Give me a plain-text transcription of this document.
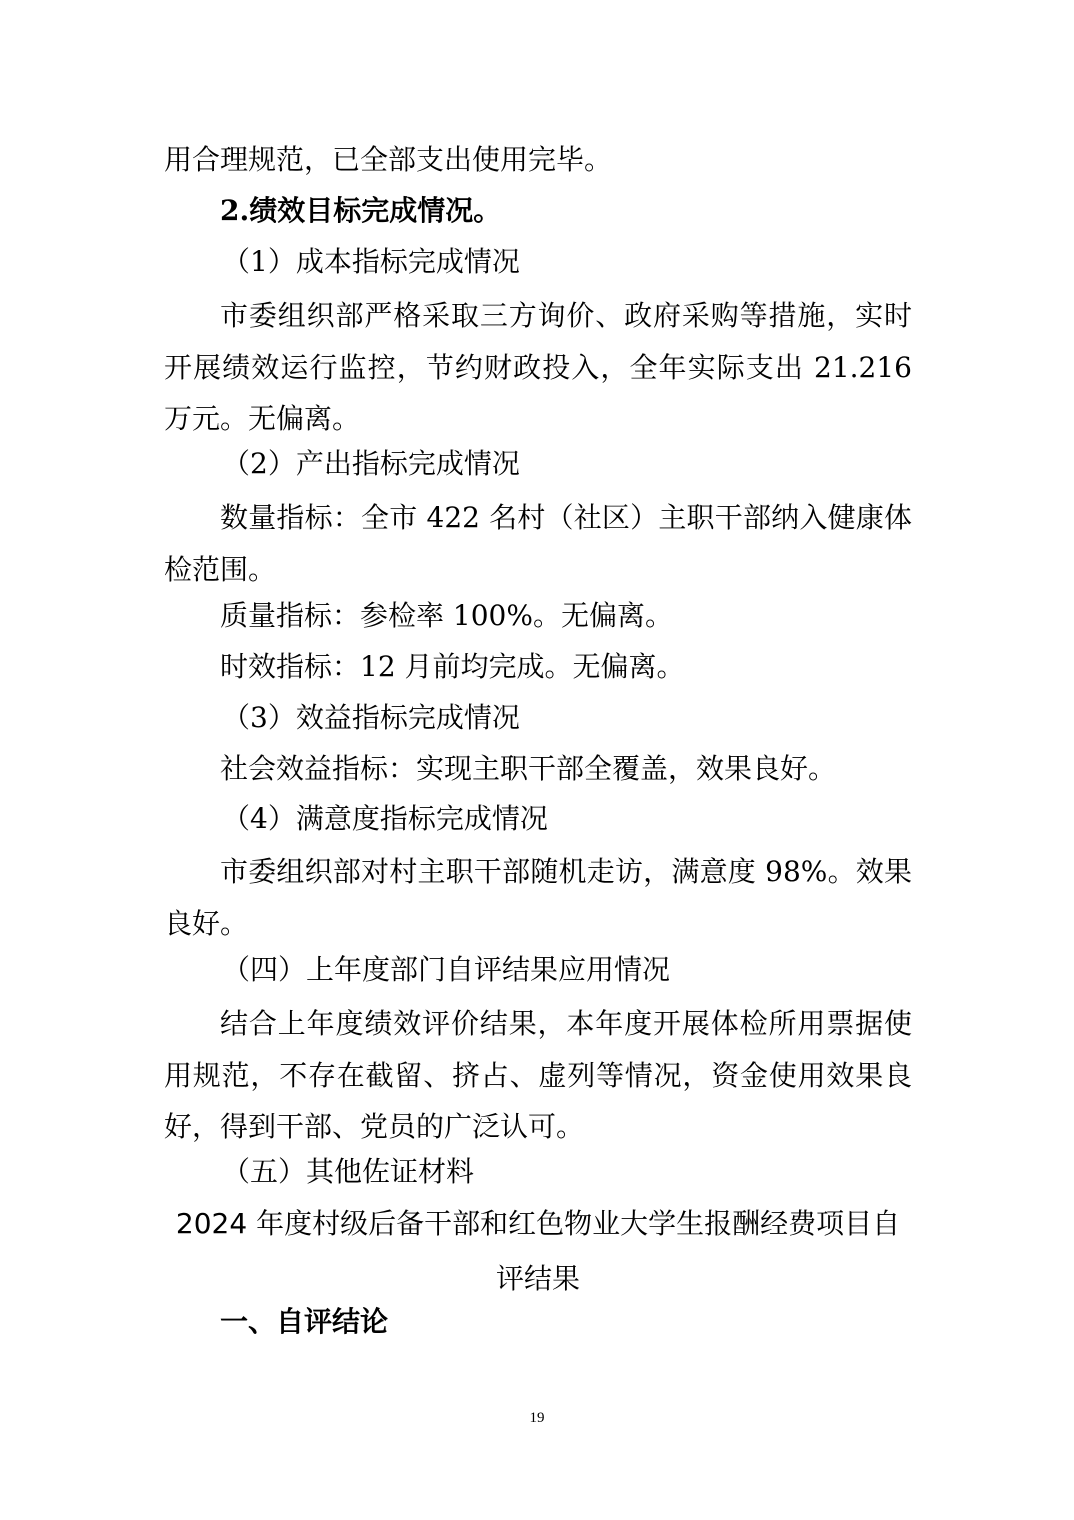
用合理规范，已全部支出使用完毕。
2.绩效目标完成情况。
（1）成本指标完成情况

市委组织部严格采取三方询价、政府采购等措施，实时开展绩效运行监控，节约财政投入，全年实际支出 21.216 万元。无偏离。

（2）产出指标完成情况

数量指标：全市 422 名村（社区）主职干部纳入健康体检范围。

质量指标：参检率 100%。无偏离。
时效指标：12 月前均完成。无偏离。
（3）效益指标完成情况
社会效益指标：实现主职干部全覆盖，效果良好。
（4）满意度指标完成情况

市委组织部对村主职干部随机走访，满意度 98%。效果良好。

（四）上年度部门自评结果应用情况

结合上年度绩效评价结果，本年度开展体检所用票据使用规范，不存在截留、挤占、虚列等情况，资金使用效果良好，得到干部、党员的广泛认可。

（五）其他佐证材料
2024 年度村级后备干部和红色物业大学生报酬经费项目自评结果
一、自评结论
19
